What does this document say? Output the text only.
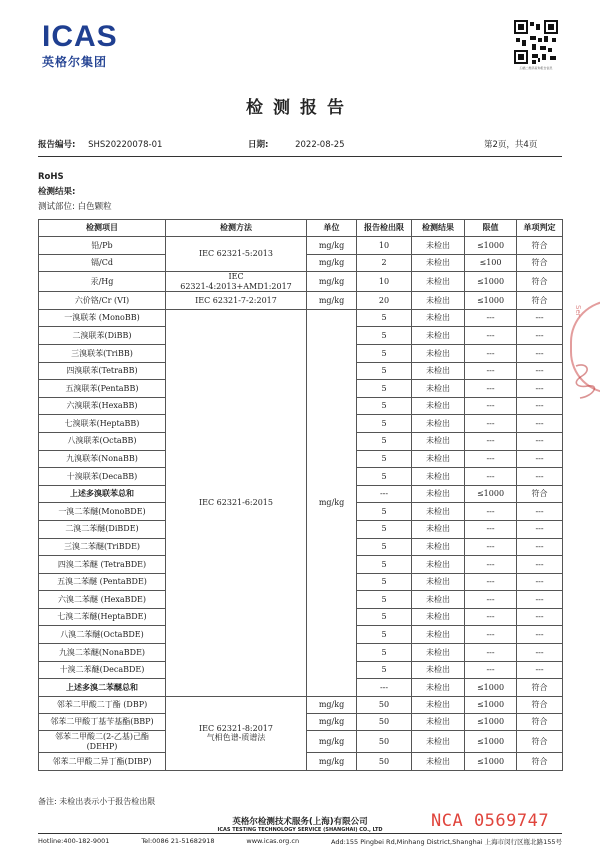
ICAS
英格尔集团	扫描二维码查询报告信息
检测报告
报告编号: SHS20220078-01	日期:	2022-08-25	第2页，共4页
RoHS
检测结果:
测试部位: 白色颗粒
检测项目	检测方法	单位	报告检出限	检测结果	限值	单项判定
铅/Pb	IEC 62321-5:2013	mg/kg	10	未检出	≤1000	符合
镉/Cd		mg/kg	2	未检出	≤100	符合
汞/Hg	IEC
62321-4:2013+AMD1:2017	mg/kg	10	未检出	≤1000	符合
六价铬/Cr (VI)	IEC 62321-7-2:2017	mg/kg	20	未检出	≤1000	符合
一溴联苯 (MonoBB)	IEC 62321-6:2015	mg/kg	5	未检出	---	---
二溴联苯(DiBB)			5	未检出	---	---
三溴联苯(TriBB)			5	未检出	---	---
四溴联苯(TetraBB)			5	未检出	---	---
五溴联苯(PentaBB)			5	未检出	---	---
六溴联苯(HexaBB)			5	未检出	---	---
七溴联苯(HeptaBB)			5	未检出	---	---
八溴联苯(OctaBB)			5	未检出	---	---
九溴联苯(NonaBB)			5	未检出	---	---
十溴联苯(DecaBB)			5	未检出	---	---
上述多溴联苯总和			---	未检出	≤1000	符合
一溴二苯醚(MonoBDE)			5	未检出	---	---
二溴二苯醚(DiBDE)			5	未检出	---	---
三溴二苯醚(TriBDE)			5	未检出	---	---
四溴二苯醚 (TetraBDE)			5	未检出	---	---
五溴二苯醚 (PentaBDE)			5	未检出	---	---
六溴二苯醚 (HexaBDE)			5	未检出	---	---
七溴二苯醚(HeptaBDE)			5	未检出	---	---
八溴二苯醚(OctaBDE)			5	未检出	---	---
九溴二苯醚(NonaBDE)			5	未检出	---	---
十溴二苯醚(DecaBDE)			5	未检出	---	---
上述多溴二苯醚总和			---	未检出	≤1000	符合
邻苯二甲酸二丁酯 (DBP)	IEC 62321-8:2017
气相色谱-质谱法	mg/kg	50	未检出	≤1000	符合
邻苯二甲酸丁基苄基酯(BBP)		mg/kg	50	未检出	≤1000	符合
邻苯二甲酸二(2-乙基)己酯
(DEHP)		mg/kg	50	未检出	≤1000	符合
邻苯二甲酸二异丁酯(DIBP)		mg/kg	50	未检出	≤1000	符合
备注: 未检出表示小于报告检出限
英格尔检测技术服务(上海)有限公司
ICAS TESTING TECHNOLOGY SERVICE (SHANGHAI) CO., LTD	NCA 0569747
Hotline:400-182-9001	Tel:0086 21-51682918	www.icas.org.cn	Add:155 Pingbei Rd,Minhang District,Shanghai 上海市闵行区瓶北路155号
Ser
